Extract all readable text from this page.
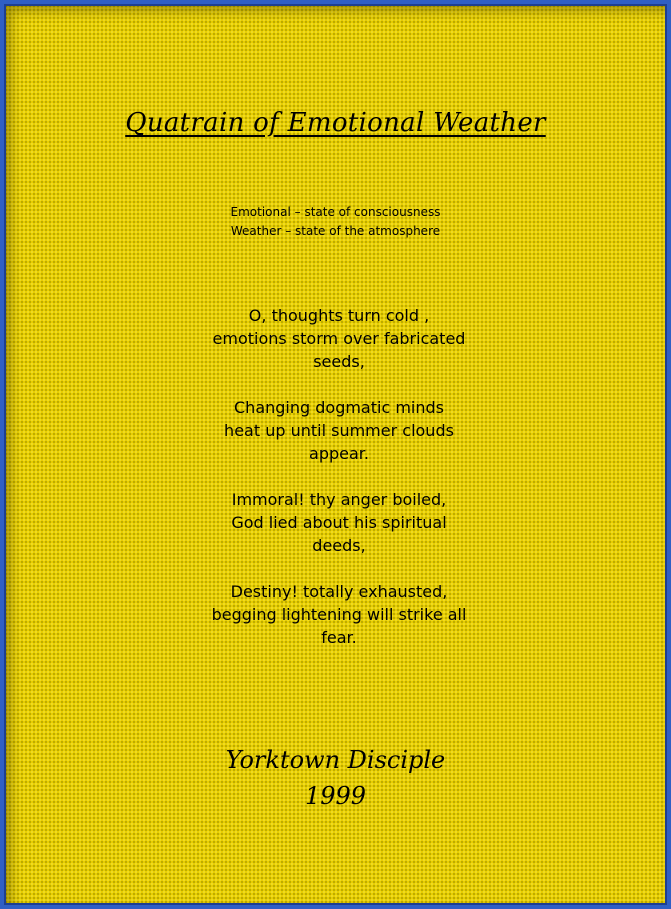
Quatrain of Emotional Weather
Emotional – state of consciousness
Weather – state of the atmosphere
O, thoughts turn cold ,
emotions storm over fabricated
seeds,
Changing dogmatic minds
heat up until summer clouds
appear.
Immoral! thy anger boiled,
God lied about his spiritual
deeds,
Destiny! totally exhausted,
begging lightening will strike all
fear.
Yorktown Disciple
1999
